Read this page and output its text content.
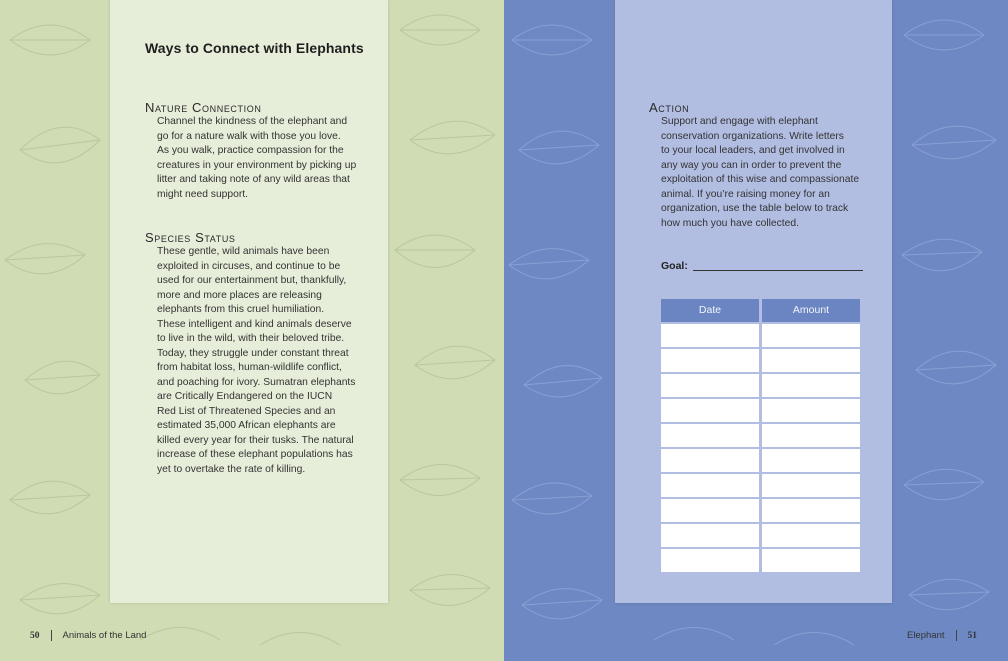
Ways to Connect with Elephants
Nature Connection
Channel the kindness of the elephant and
go for a nature walk with those you love.
As you walk, practice compassion for the
creatures in your environment by picking up
litter and taking note of any wild areas that
might need support.
Species Status
These gentle, wild animals have been
exploited in circuses, and continue to be
used for our entertainment but, thankfully,
more and more places are releasing
elephants from this cruel humiliation.
These intelligent and kind animals deserve
to live in the wild, with their beloved tribe.
Today, they struggle under constant threat
from habitat loss, human-wildlife conflict,
and poaching for ivory. Sumatran elephants
are Critically Endangered on the IUCN
Red List of Threatened Species and an
estimated 35,000 African elephants are
killed every year for their tusks. The natural
increase of these elephant populations has
yet to overtake the rate of killing.
50 Animals of the Land
Action
Support and engage with elephant
conservation organizations. Write letters
to your local leaders, and get involved in
any way you can in order to prevent the
exploitation of this wise and compassionate
animal. If you’re raising money for an
organization, use the table below to track
how much you have collected.
Goal:
Date	Amount
Elephant 51
